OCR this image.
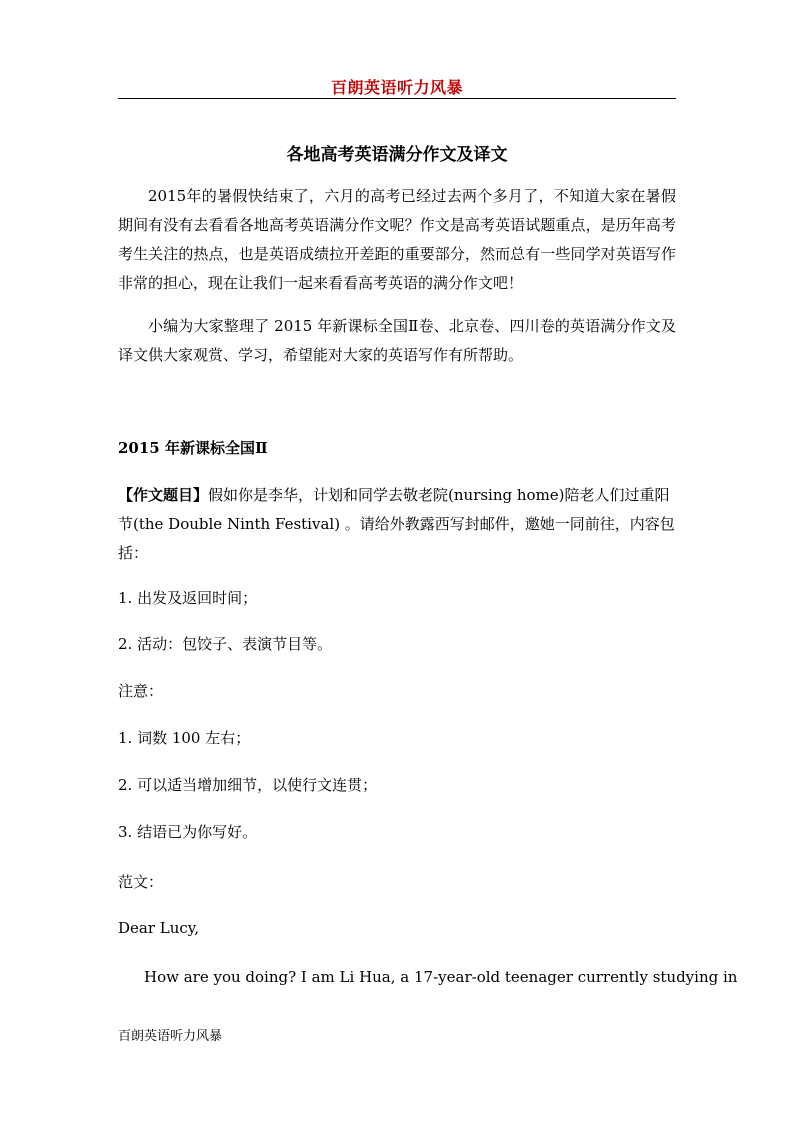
百朗英语听力风暴
各地高考英语满分作文及译文

2015年的暑假快结束了，六月的高考已经过去两个多月了，不知道大家在暑假期间有没有去看看各地高考英语满分作文呢？作文是高考英语试题重点，是历年高考考生关注的热点，也是英语成绩拉开差距的重要部分，然而总有一些同学对英语写作非常的担心，现在让我们一起来看看高考英语的满分作文吧！

小编为大家整理了 2015 年新课标全国Ⅱ卷、北京卷、四川卷的英语满分作文及译文供大家观赏、学习，希望能对大家的英语写作有所帮助。

2015 年新课标全国Ⅱ

【作文题目】假如你是李华，计划和同学去敬老院(nursing home)陪老人们过重阳节(the Double Ninth Festival) 。请给外教露西写封邮件，邀她一同前往，内容包括：

1. 出发及返回时间；
2. 活动：包饺子、表演节目等。
注意：
1. 词数 100 左右；
2. 可以适当增加细节，以使行文连贯；
3. 结语已为你写好。
范文：
Dear Lucy,
How are you doing? I am Li Hua, a 17-year-old teenager currently studying in
百朗英语听力风暴
